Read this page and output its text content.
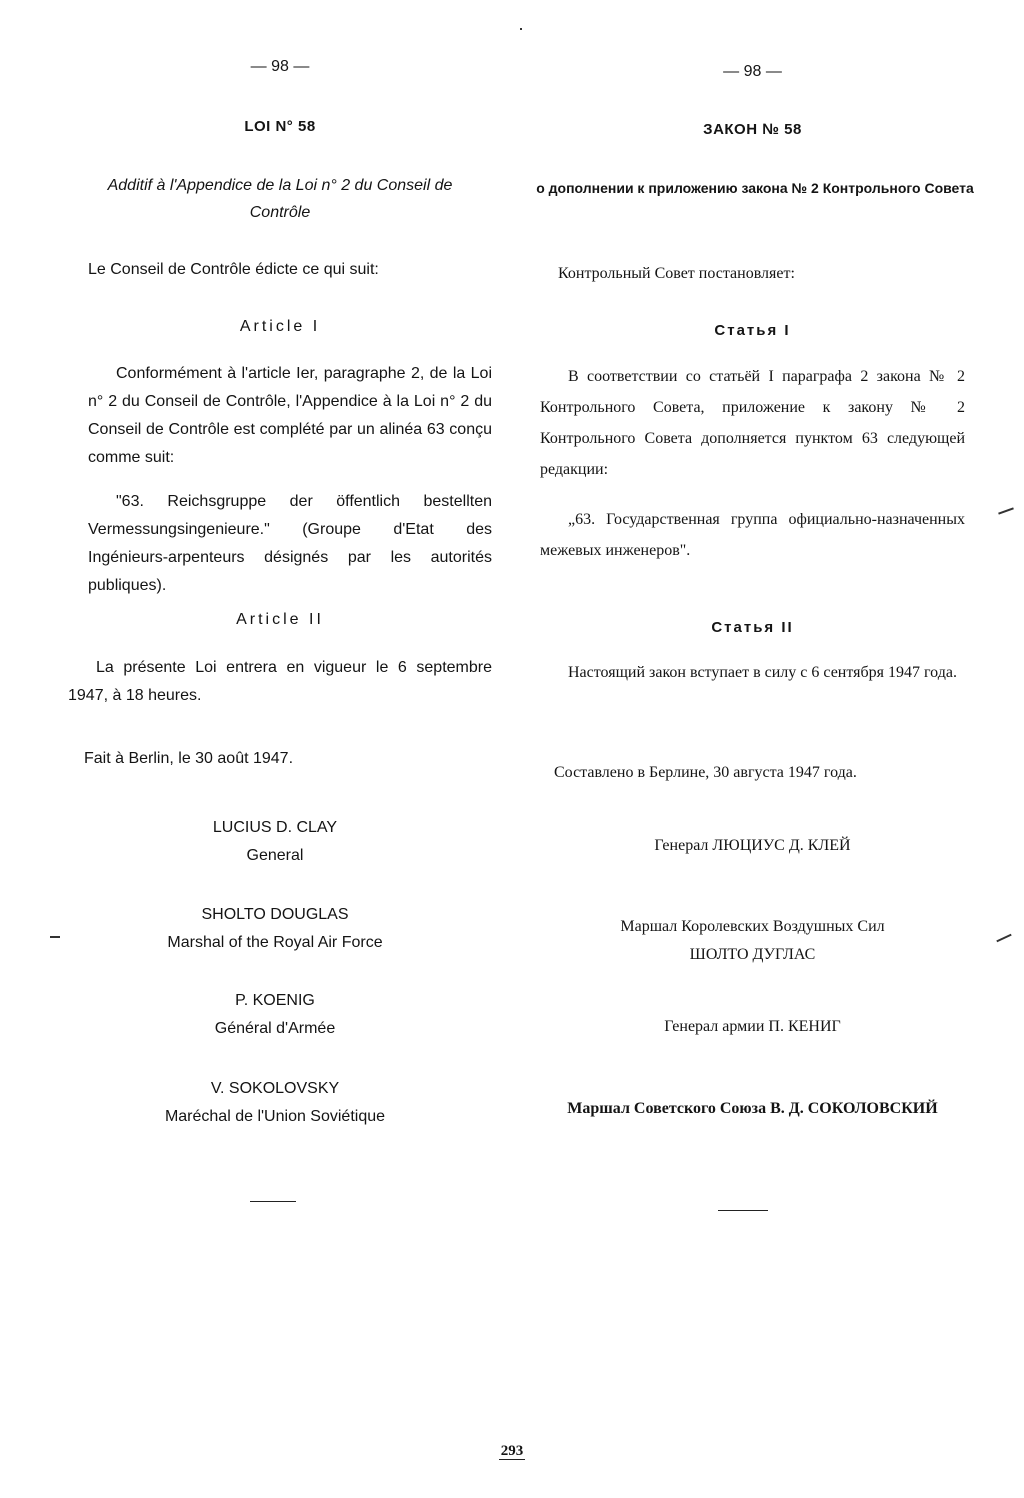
— 98 —
LOI N° 58
Additif à l'Appendice de la Loi n° 2 du Conseil de Contrôle
Le Conseil de Contrôle édicte ce qui suit:
Article I
Conformément à l'article Ier, paragraphe 2, de la Loi n° 2 du Conseil de Contrôle, l'Appendice à la Loi n° 2 du Conseil de Contrôle est complété par un alinéa 63 conçu comme suit:
"63. Reichsgruppe der öffentlich bestellten Vermessungsingenieure." (Groupe d'Etat des Ingénieurs-arpenteurs désignés par les autorités publiques).
Article II
La présente Loi entrera en vigueur le 6 septembre 1947, à 18 heures.
Fait à Berlin, le 30 août 1947.
LUCIUS D. CLAY
General
SHOLTO DOUGLAS
Marshal of the Royal Air Force
P. KOENIG
Général d'Armée
V. SOKOLOVSKY
Maréchal de l'Union Soviétique
— 98 —
ЗАКОН № 58
о дополнении к приложению закона № 2 Контрольного Совета
Контрольный Совет постановляет:
Статья I
В соответствии со статьёй I параграфа 2 закона № 2 Контрольного Совета, приложение к закону № 2 Контрольного Совета дополняется пунктом 63 следующей редакции:
„63. Государственная группа официально-назначенных межевых инженеров".
Статья II
Настоящий закон вступает в силу с 6 сентября 1947 года.
Составлено в Берлине, 30 августа 1947 года.
Генерал ЛЮЦИУС Д. КЛЕЙ
Маршал Королевских Воздушных Сил
ШОЛТО ДУГЛАС
Генерал армии П. КЕНИГ
Маршал Советского Союза В. Д. СОКОЛОВСКИЙ
293
